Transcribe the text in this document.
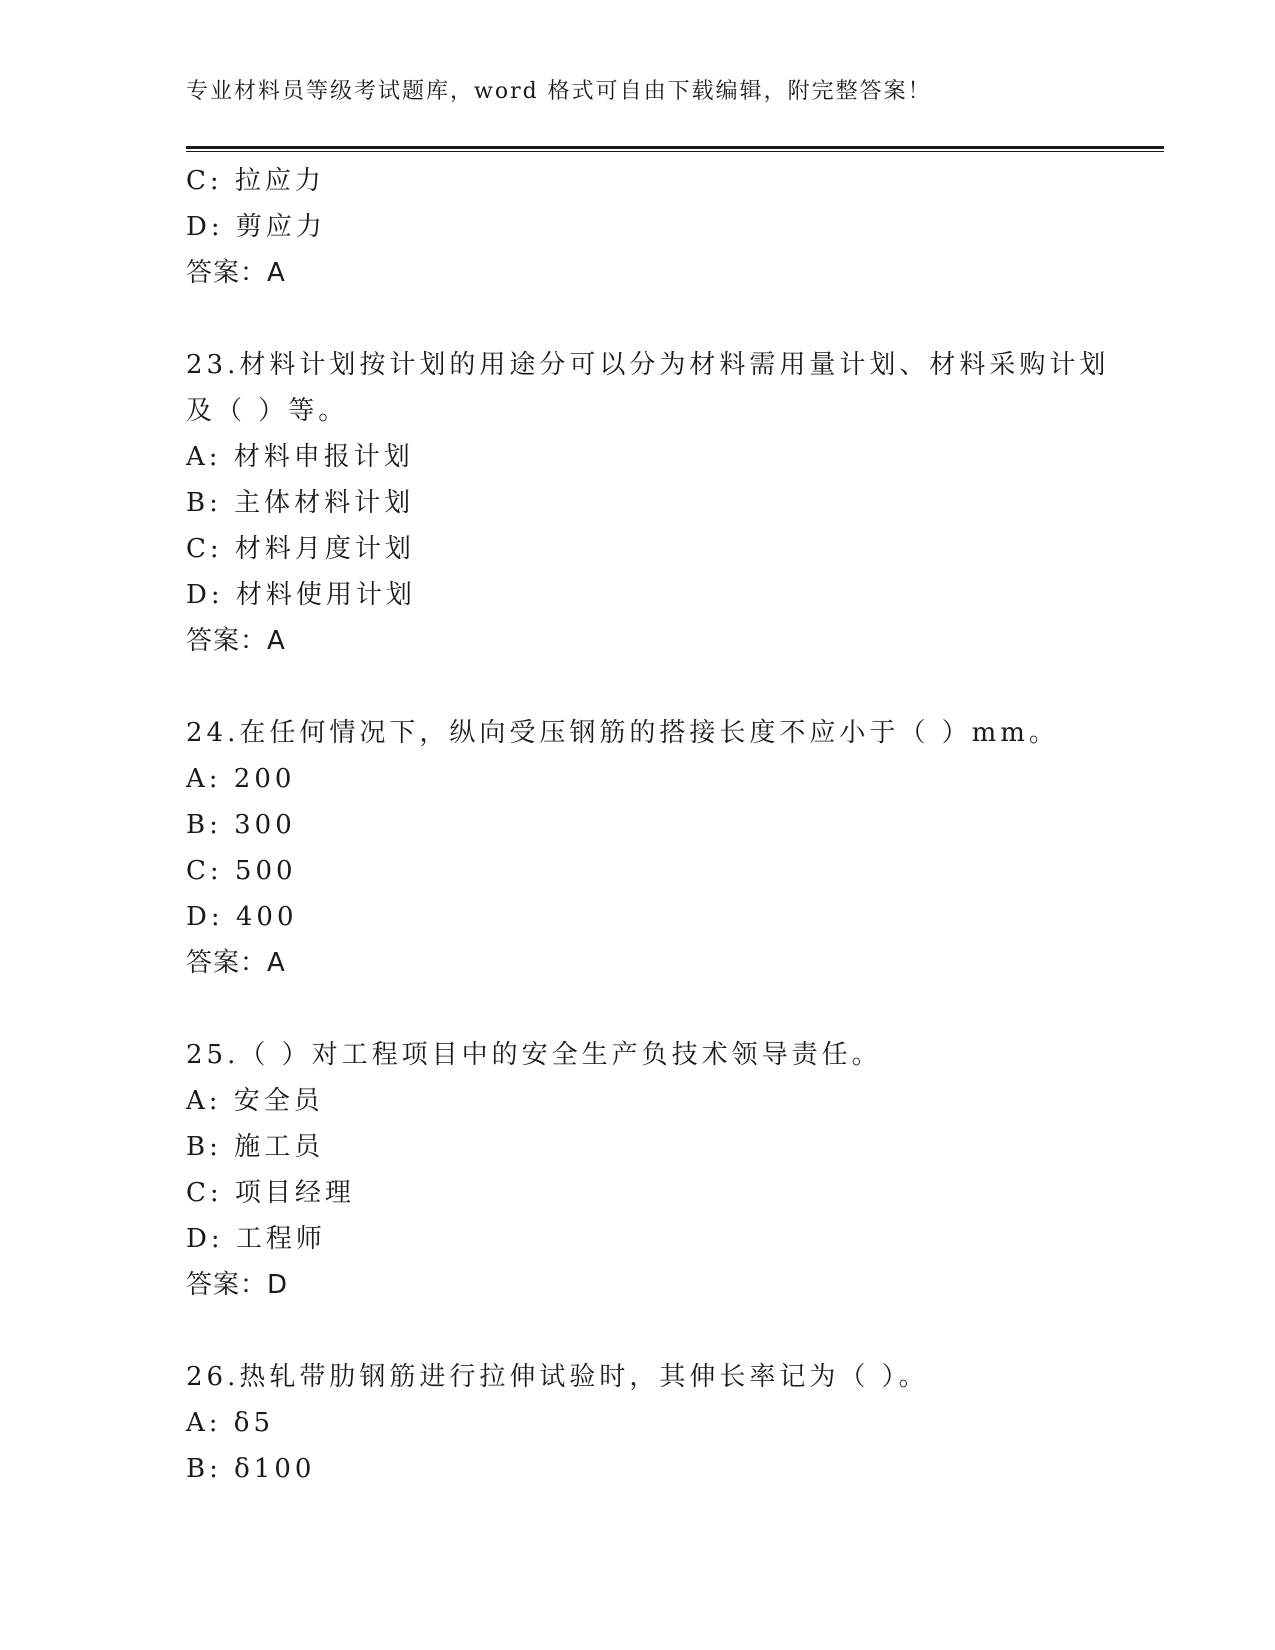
专业材料员等级考试题库，word 格式可自由下载编辑，附完整答案！
C: 拉应力
D: 剪应力
答案：A
23.材料计划按计划的用途分可以分为材料需用量计划、材料采购计划
及（ ）等。
A: 材料申报计划
B: 主体材料计划
C: 材料月度计划
D: 材料使用计划
答案：A
24.在任何情况下，纵向受压钢筋的搭接长度不应小于（ ）mm。
A: 200
B: 300
C: 500
D: 400
答案：A
25.（ ）对工程项目中的安全生产负技术领导责任。
A: 安全员
B: 施工员
C: 项目经理
D: 工程师
答案：D
26.热轧带肋钢筋进行拉伸试验时，其伸长率记为（ ）。
A: δ5
B: δ100
